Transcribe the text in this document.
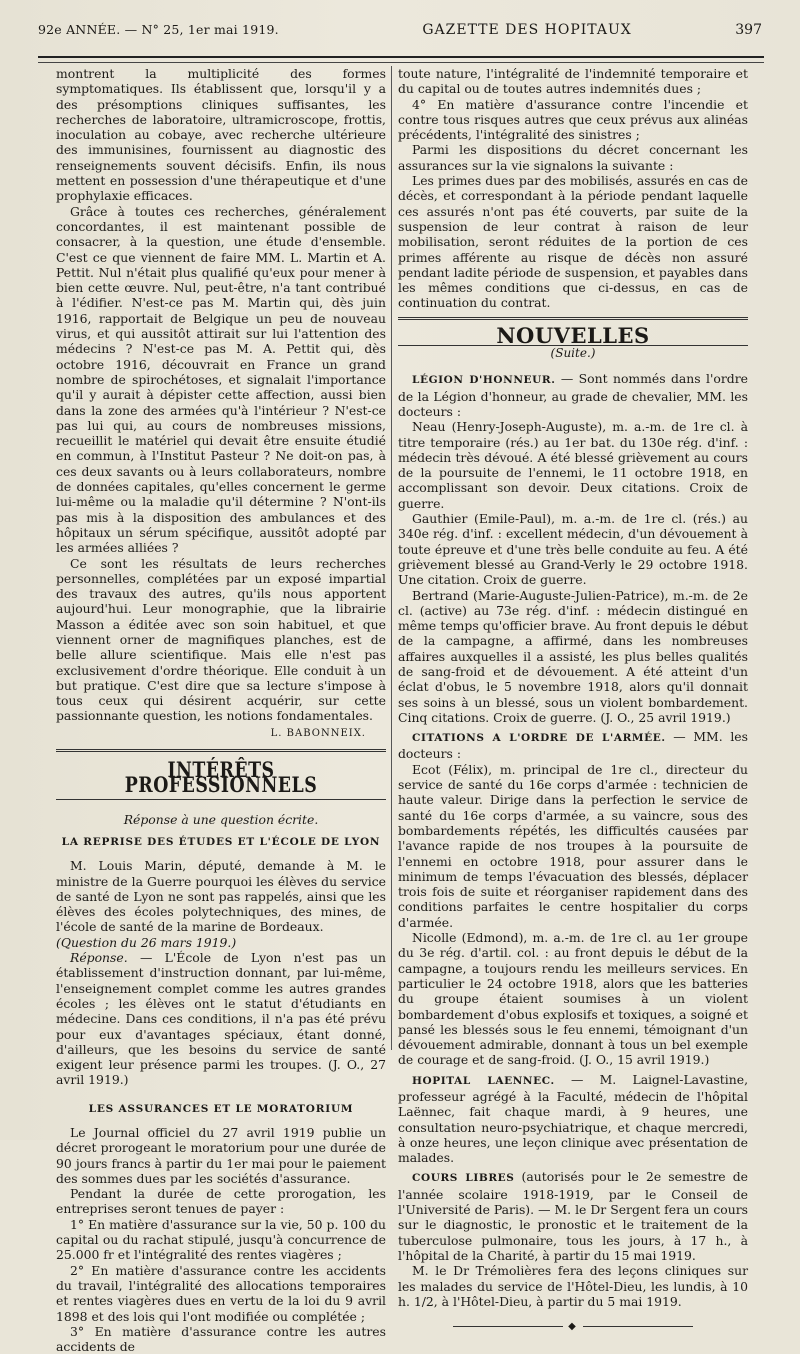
92e ANNÉE. — N° 25, 1er mai 1919.	GAZETTE DES HOPITAUX	397

montrent la multiplicité des formes symptomatiques. Ils établissent que, lorsqu'il y a des présomptions cliniques suffisantes, les recherches de laboratoire, ultramicroscope, frottis, inoculation au cobaye, avec recherche ultérieure des immunisines, fournissent au diagnostic des renseignements souvent décisifs. Enfin, ils nous mettent en possession d'une thérapeutique et d'une prophylaxie efficaces.

Grâce à toutes ces recherches, généralement concordantes, il est maintenant possible de consacrer, à la question, une étude d'ensemble. C'est ce que viennent de faire MM. L. Martin et A. Pettit. Nul n'était plus qualifié qu'eux pour mener à bien cette œuvre. Nul, peut-être, n'a tant contribué à l'édifier. N'est-ce pas M. Martin qui, dès juin 1916, rapportait de Belgique un peu de nouveau virus, et qui aussitôt attirait sur lui l'attention des médecins ? N'est-ce pas M. A. Pettit qui, dès octobre 1916, découvrait en France un grand nombre de spirochétoses, et signalait l'importance qu'il y aurait à dépister cette affection, aussi bien dans la zone des armées qu'à l'intérieur ? N'est-ce pas lui qui, au cours de nombreuses missions, recueillit le matériel qui devait être ensuite étudié en commun, à l'Institut Pasteur ? Ne doit-on pas, à ces deux savants ou à leurs collaborateurs, nombre de données capitales, qu'elles concernent le germe lui-même ou la maladie qu'il détermine ? N'ont-ils pas mis à la disposition des ambulances et des hôpitaux un sérum spécifique, aussitôt adopté par les armées alliées ?

Ce sont les résultats de leurs recherches personnelles, complétées par un exposé impartial des travaux des autres, qu'ils nous apportent aujourd'hui. Leur monographie, que la librairie Masson a éditée avec son soin habituel, et que viennent orner de magnifiques planches, est de belle allure scientifique. Mais elle n'est pas exclusivement d'ordre théorique. Elle conduit à un but pratique. C'est dire que sa lecture s'impose à tous ceux qui désirent acquérir, sur cette passionnante question, les notions fondamentales.

L. BABONNEIX.
INTÉRÊTS PROFESSIONNELS

Réponse à une question écrite.

LA REPRISE DES ÉTUDES ET L'ÉCOLE DE LYON

M. Louis Marin, député, demande à M. le ministre de la Guerre pourquoi les élèves du service de santé de Lyon ne sont pas rappelés, ainsi que les élèves des écoles polytechniques, des mines, de l'école de santé de la marine de Bordeaux.

(Question du 26 mars 1919.)

Réponse. — L'École de Lyon n'est pas un établissement d'instruction donnant, par lui-même, l'enseignement complet comme les autres grandes écoles ; les élèves ont le statut d'étudiants en médecine. Dans ces conditions, il n'a pas été prévu pour eux d'avantages spéciaux, étant donné, d'ailleurs, que les besoins du service de santé exigent leur présence parmi les troupes. (J. O., 27 avril 1919.)

LES ASSURANCES ET LE MORATORIUM

Le Journal officiel du 27 avril 1919 publie un décret prorogeant le moratorium pour une durée de 90 jours francs à partir du 1er mai pour le paiement des sommes dues par les sociétés d'assurance.

Pendant la durée de cette prorogation, les entreprises seront tenues de payer :

1° En matière d'assurance sur la vie, 50 p. 100 du capital ou du rachat stipulé, jusqu'à concurrence de 25.000 fr et l'intégralité des rentes viagères ;

2° En matière d'assurance contre les accidents du travail, l'intégralité des allocations temporaires et rentes viagères dues en vertu de la loi du 9 avril 1898 et des lois qui l'ont modifiée ou complétée ;

3° En matière d'assurance contre les autres accidents de

toute nature, l'intégralité de l'indemnité temporaire et du capital ou de toutes autres indemnités dues ;

4° En matière d'assurance contre l'incendie et contre tous risques autres que ceux prévus aux alinéas précédents, l'intégralité des sinistres ;

Parmi les dispositions du décret concernant les assurances sur la vie signalons la suivante :

Les primes dues par des mobilisés, assurés en cas de décès, et correspondant à la période pendant laquelle ces assurés n'ont pas été couverts, par suite de la suspension de leur contrat à raison de leur mobilisation, seront réduites de la portion de ces primes afférente au risque de décès non assuré pendant ladite période de suspension, et payables dans les mêmes conditions que ci-dessus, en cas de continuation du contrat.

NOUVELLES

(Suite.)

LÉGION D'HONNEUR. — Sont nommés dans l'ordre de la Légion d'honneur, au grade de chevalier, MM. les docteurs :

Neau (Henry-Joseph-Auguste), m. a.-m. de 1re cl. à titre temporaire (rés.) au 1er bat. du 130e rég. d'inf. : médecin très dévoué. A été blessé grièvement au cours de la poursuite de l'ennemi, le 11 octobre 1918, en accomplissant son devoir. Deux citations. Croix de guerre.

Gauthier (Emile-Paul), m. a.-m. de 1re cl. (rés.) au 340e rég. d'inf. : excellent médecin, d'un dévouement à toute épreuve et d'une très belle conduite au feu. A été grièvement blessé au Grand-Verly le 29 octobre 1918. Une citation. Croix de guerre.

Bertrand (Marie-Auguste-Julien-Patrice), m.-m. de 2e cl. (active) au 73e rég. d'inf. : médecin distingué en même temps qu'officier brave. Au front depuis le début de la campagne, a affirmé, dans les nombreuses affaires auxquelles il a assisté, les plus belles qualités de sang-froid et de dévouement. A été atteint d'un éclat d'obus, le 5 novembre 1918, alors qu'il donnait ses soins à un blessé, sous un violent bombardement. Cinq citations. Croix de guerre. (J. O., 25 avril 1919.)

CITATIONS A L'ORDRE DE L'ARMÉE. — MM. les docteurs :

Ecot (Félix), m. principal de 1re cl., directeur du service de santé du 16e corps d'armée : technicien de haute valeur. Dirige dans la perfection le service de santé du 16e corps d'armée, a su vaincre, sous des bombardements répétés, les difficultés causées par l'avance rapide de nos troupes à la poursuite de l'ennemi en octobre 1918, pour assurer dans le minimum de temps l'évacuation des blessés, déplacer trois fois de suite et réorganiser rapidement dans des conditions parfaites le centre hospitalier du corps d'armée.

Nicolle (Edmond), m. a.-m. de 1re cl. au 1er groupe du 3e rég. d'artil. col. : au front depuis le début de la campagne, a toujours rendu les meilleurs services. En particulier le 24 octobre 1918, alors que les batteries du groupe étaient soumises à un violent bombardement d'obus explosifs et toxiques, a soigné et pansé les blessés sous le feu ennemi, témoignant d'un dévouement admirable, donnant à tous un bel exemple de courage et de sang-froid. (J. O., 15 avril 1919.)

HOPITAL LAENNEC. — M. Laignel-Lavastine, professeur agrégé à la Faculté, médecin de l'hôpital Laënnec, fait chaque mardi, à 9 heures, une consultation neuro-psychiatrique, et chaque mercredi, à onze heures, une leçon clinique avec présentation de malades.

COURS LIBRES (autorisés pour le 2e semestre de l'année scolaire 1918-1919, par le Conseil de l'Université de Paris). — M. le Dr Sergent fera un cours sur le diagnostic, le pronostic et le traitement de la tuberculose pulmonaire, tous les jours, à 17 h., à l'hôpital de la Charité, à partir du 15 mai 1919.

M. le Dr Trémolières fera des leçons cliniques sur les malades du service de l'Hôtel-Dieu, les lundis, à 10 h. 1/2, à l'Hôtel-Dieu, à partir du 5 mai 1919.

◆
